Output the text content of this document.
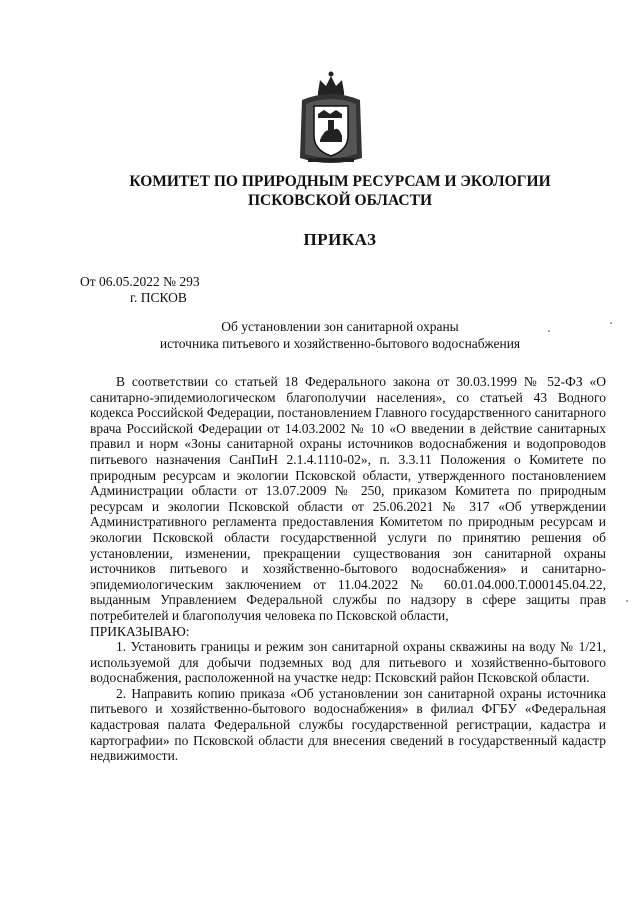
КОМИТЕТ ПО ПРИРОДНЫМ РЕСУРСАМ И ЭКОЛОГИИ
ПСКОВСКОЙ ОБЛАСТИ
ПРИКАЗ
От 06.05.2022 № 293
г. ПСКОВ
Об установлении зон санитарной охраны
источника питьевого и хозяйственно-бытового водоснабжения

В соответствии со статьей 18 Федерального закона от 30.03.1999 № 52-ФЗ «О санитарно-эпидемиологическом благополучии населения», со статьей 43 Водного кодекса Российской Федерации, постановлением Главного государственного санитарного врача Российской Федерации от 14.03.2002 № 10 «О введении в действие санитарных правил и норм «Зоны санитарной охраны источников водоснабжения и водопроводов питьевого назначения СанПиН 2.1.4.1110-02», п. 3.3.11 Положения о Комитете по природным ресурсам и экологии Псковской области, утвержденного постановлением Администрации области от 13.07.2009 № 250, приказом Комитета по природным ресурсам и экологии Псковской области от 25.06.2021 № 317 «Об утверждении Административного регламента предоставления Комитетом по природным ресурсам и экологии Псковской области государственной услуги по принятию решения об установлении, изменении, прекращении существования зон санитарной охраны источников питьевого и хозяйственно-бытового водоснабжения» и санитарно-эпидемиологическим заключением от 11.04.2022 № 60.01.04.000.Т.000145.04.22, выданным Управлением Федеральной службы по надзору в сфере защиты прав потребителей и благополучия человека по Псковской области,

ПРИКАЗЫВАЮ:

1. Установить границы и режим зон санитарной охраны скважины на воду № 1/21, используемой для добычи подземных вод для питьевого и хозяйственно-бытового водоснабжения, расположенной на участке недр: Псковский район Псковской области.

2. Направить копию приказа «Об установлении зон санитарной охраны источника питьевого и хозяйственно-бытового водоснабжения» в филиал ФГБУ «Федеральная кадастровая палата Федеральной службы государственной регистрации, кадастра и картографии» по Псковской области для внесения сведений в государственный кадастр недвижимости.
